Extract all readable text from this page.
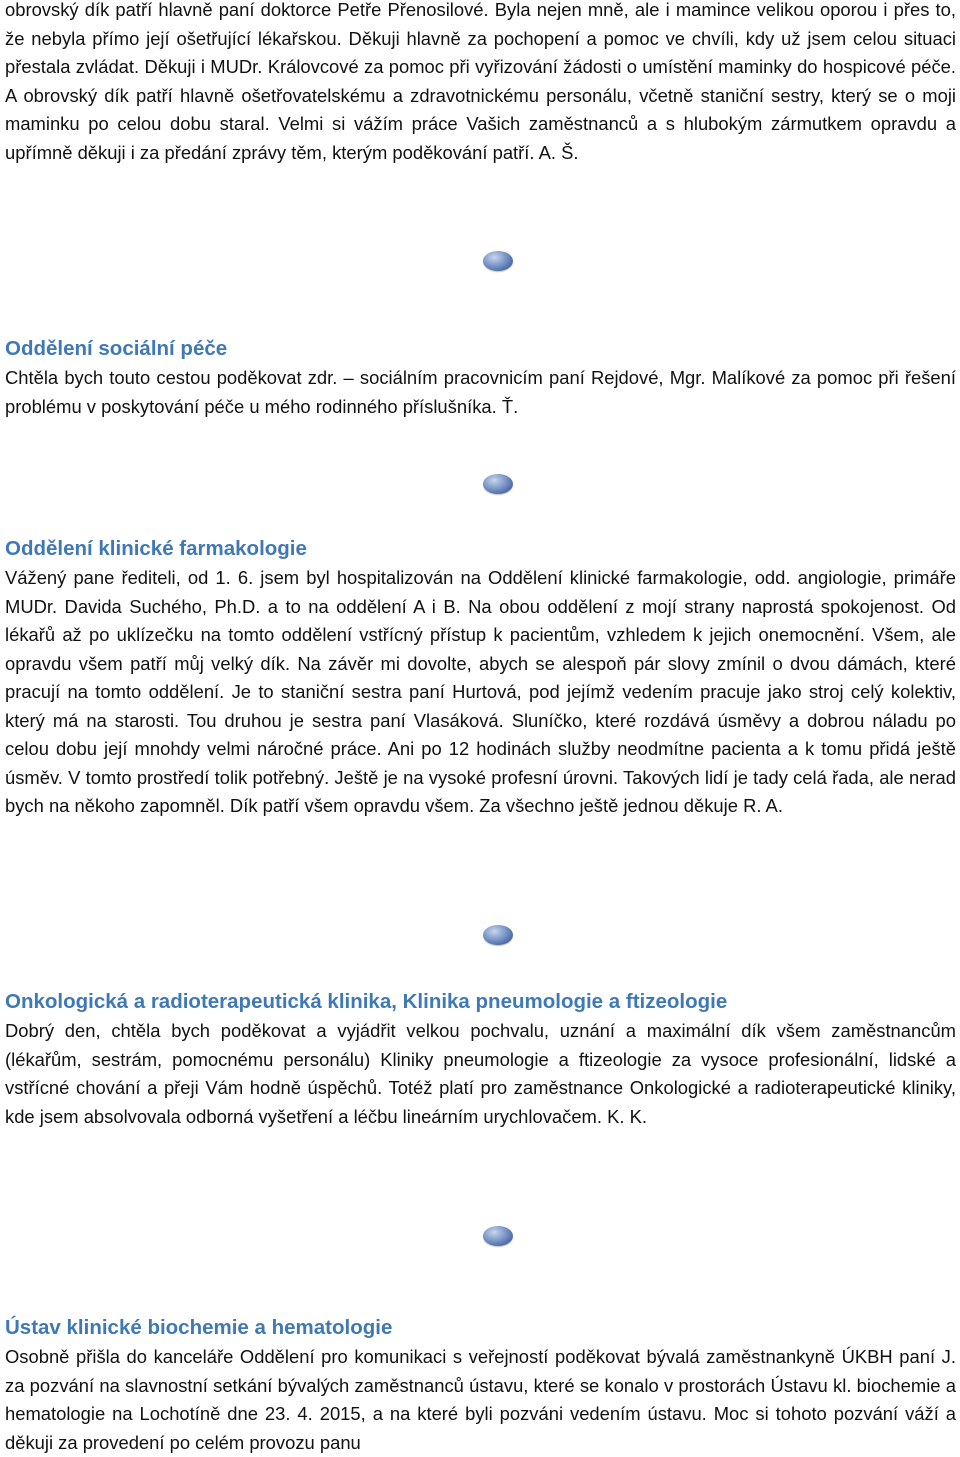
obrovský dík patří hlavně paní doktorce Petře Přenosilové. Byla nejen mně, ale i mamince velikou oporou i přes to, že nebyla přímo její ošetřující lékařskou. Děkuji hlavně za pochopení a pomoc ve chvíli, kdy už jsem celou situaci přestala zvládat. Děkuji i MUDr. Královcové za pomoc při vyřizování žádosti o umístění maminky do hospicové péče. A obrovský dík patří hlavně ošetřovatelskému a zdravotnickému personálu, včetně staniční sestry, který se o moji maminku po celou dobu staral. Velmi si vážím práce Vašich zaměstnanců a s hlubokým zármutkem opravdu a upřímně děkuji i za předání zprávy těm, kterým poděkování patří. A. Š.

Oddělení sociální péče

Chtěla bych touto cestou poděkovat zdr. – sociálním pracovnicím paní Rejdové, Mgr. Malíkové za pomoc při řešení problému v poskytování péče u mého rodinného příslušníka. Ť.

Oddělení klinické farmakologie

Vážený pane řediteli, od 1. 6. jsem byl hospitalizován na Oddělení klinické farmakologie, odd. angiologie, primáře MUDr. Davida Suchého, Ph.D. a to na oddělení A i B. Na obou oddělení z mojí strany naprostá spokojenost. Od lékařů až po uklízečku na tomto oddělení vstřícný přístup k pacientům, vzhledem k jejich onemocnění. Všem, ale opravdu všem patří můj velký dík. Na závěr mi dovolte, abych se alespoň pár slovy zmínil o dvou dámách, které pracují na tomto oddělení. Je to staniční sestra paní Hurtová, pod jejímž vedením pracuje jako stroj celý kolektiv, který má na starosti. Tou druhou je sestra paní Vlasáková. Sluníčko, které rozdává úsměvy a dobrou náladu po celou dobu její mnohdy velmi náročné práce. Ani po 12 hodinách služby neodmítne pacienta a k tomu přidá ještě úsměv. V tomto prostředí tolik potřebný. Ještě je na vysoké profesní úrovni. Takových lidí je tady celá řada, ale nerad bych na někoho zapomněl. Dík patří všem opravdu všem. Za všechno ještě jednou děkuje R. A.

Onkologická a radioterapeutická klinika, Klinika pneumologie a ftizeologie

Dobrý den, chtěla bych poděkovat a vyjádřit velkou pochvalu, uznání a maximální dík všem zaměstnancům (lékařům, sestrám, pomocnému personálu) Kliniky pneumologie a ftizeologie za vysoce profesionální, lidské a vstřícné chování a přeji Vám hodně úspěchů. Totéž platí pro zaměstnance Onkologické a radioterapeutické kliniky, kde jsem absolvovala odborná vyšetření a léčbu lineárním urychlovačem. K. K.

Ústav klinické biochemie a hematologie

Osobně přišla do kanceláře Oddělení pro komunikaci s veřejností poděkovat bývalá zaměstnankyně ÚKBH paní J. za pozvání na slavnostní setkání bývalých zaměstnanců ústavu, které se konalo v prostorách Ústavu kl. biochemie a hematologie na Lochotíně dne 23. 4. 2015, a na které byli pozváni vedením ústavu. Moc si tohoto pozvání váží a děkuji za provedení po celém provozu panu
